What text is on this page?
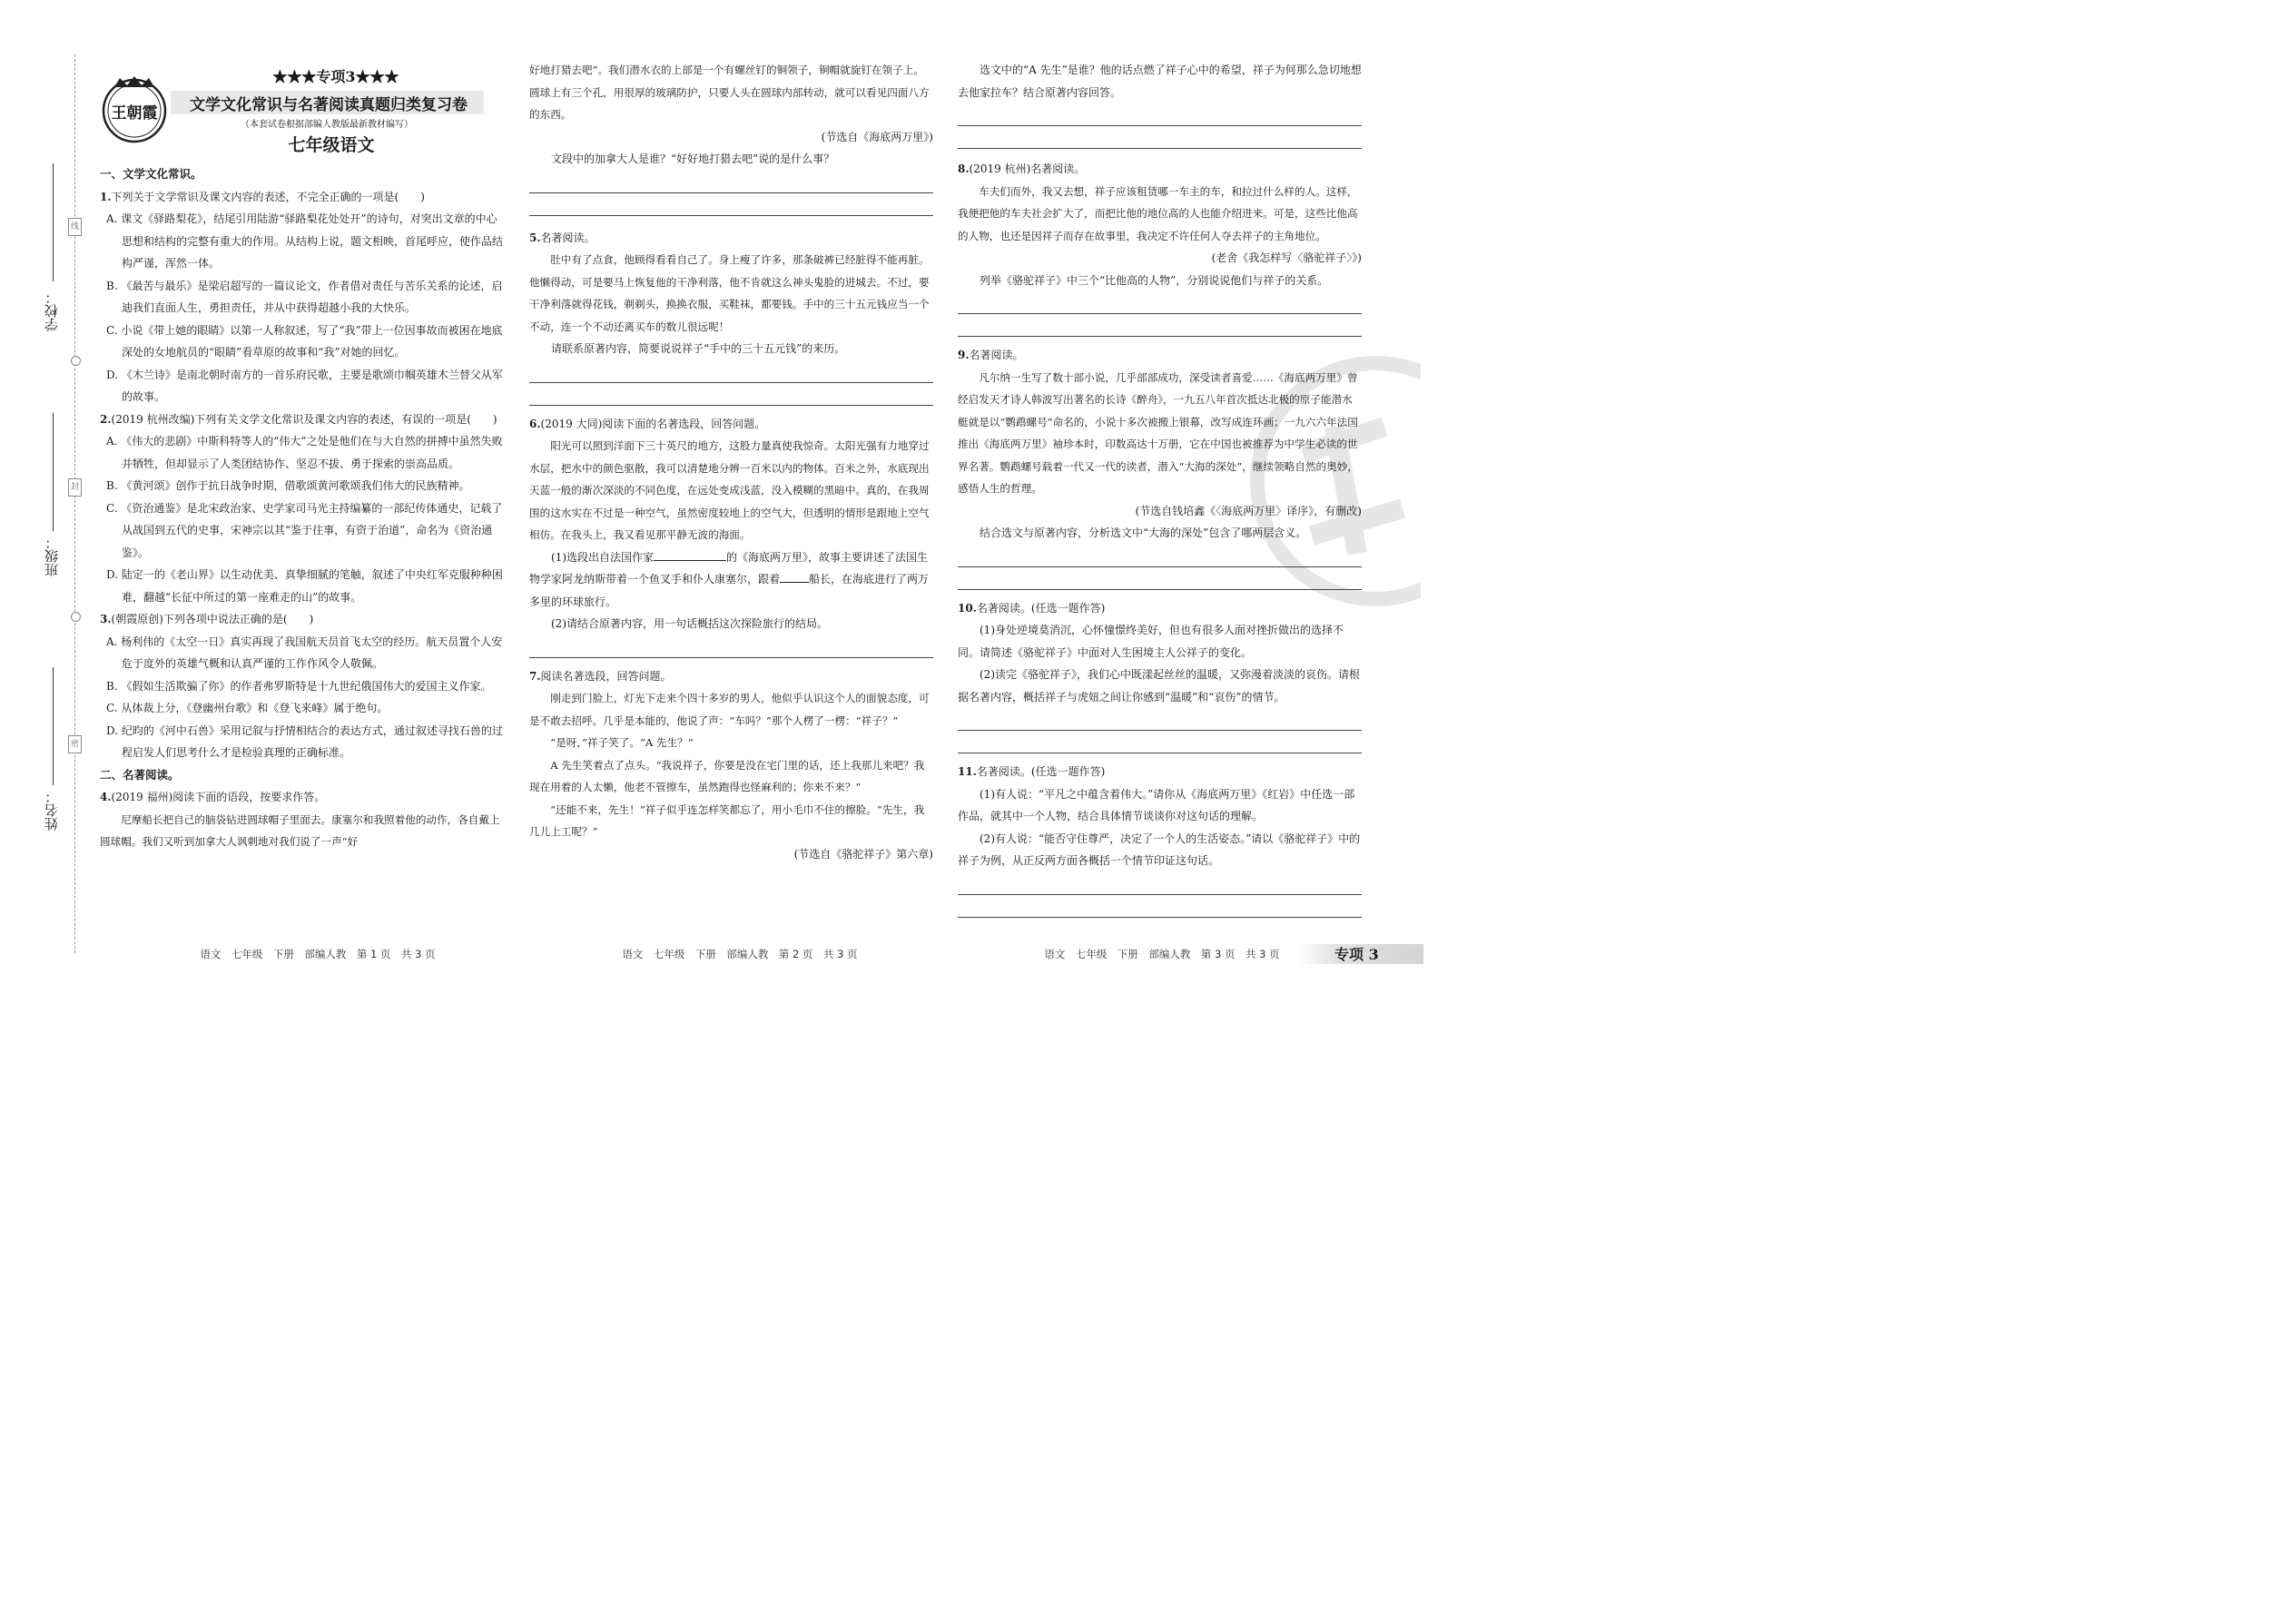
线
封
密
学校：
班级：
姓名：
王朝霞
★★★专项3★★★
文学文化常识与名著阅读真题归类复习卷
（本套试卷根据部编人教版最新教材编写）
七年级语文

一、文学文化常识。

1.下列关于文学常识及课文内容的表述，不完全正确的一项是(　　)

A. 课文《驿路梨花》，结尾引用陆游“驿路梨花处处开”的诗句，对突出文章的中心思想和结构的完整有重大的作用。从结构上说，题文相映，首尾呼应，使作品结构严谨，浑然一体。

B. 《最苦与最乐》是梁启超写的一篇议论文，作者借对责任与苦乐关系的论述，启迪我们直面人生，勇担责任，并从中获得超越小我的大快乐。

C. 小说《带上她的眼睛》以第一人称叙述，写了“我”带上一位因事故而被困在地底深处的女地航员的“眼睛”看草原的故事和“我”对她的回忆。

D. 《木兰诗》是南北朝时南方的一首乐府民歌，主要是歌颂巾帼英雄木兰替父从军的故事。

2.(2019 杭州改编)下列有关文学文化常识及课文内容的表述，有误的一项是(　　)

A. 《伟大的悲剧》中斯科特等人的“伟大”之处是他们在与大自然的拼搏中虽然失败并牺牲，但却显示了人类团结协作、坚忍不拔、勇于探索的崇高品质。

B. 《黄河颂》创作于抗日战争时期，借歌颂黄河歌颂我们伟大的民族精神。

C. 《资治通鉴》是北宋政治家、史学家司马光主持编纂的一部纪传体通史，记载了从战国到五代的史事，宋神宗以其“鉴于往事，有资于治道”，命名为《资治通鉴》。

D. 陆定一的《老山界》以生动优美、真挚细腻的笔触，叙述了中央红军克服种种困难，翻越“长征中所过的第一座难走的山”的故事。

3.(朝霞原创)下列各项中说法正确的是(　　)

A. 杨利伟的《太空一日》真实再现了我国航天员首飞太空的经历。航天员置个人安危于度外的英雄气概和认真严谨的工作作风令人敬佩。

B. 《假如生活欺骗了你》的作者弗罗斯特是十九世纪俄国伟大的爱国主义作家。

C. 从体裁上分，《登幽州台歌》和《登飞来峰》属于绝句。

D. 纪昀的《河中石兽》采用记叙与抒情相结合的表达方式，通过叙述寻找石兽的过程启发人们思考什么才是检验真理的正确标准。

二、名著阅读。

4.(2019 福州)阅读下面的语段，按要求作答。

尼摩船长把自己的脑袋钻进圆球帽子里面去。康塞尔和我照着他的动作，各自戴上圆球帽。我们又听到加拿大人讽刺地对我们说了一声“好

好地打猎去吧”。我们潜水衣的上部是一个有螺丝钉的铜领子，铜帽就旋钉在领子上。圆球上有三个孔，用很厚的玻璃防护，只要人头在圆球内部转动，就可以看见四面八方的东西。

(节选自《海底两万里》)

文段中的加拿大人是谁？“好好地打猎去吧”说的是什么事？

5.名著阅读。

肚中有了点食，他顾得看看自己了。身上瘦了许多，那条破裤已经脏得不能再脏。他懒得动，可是要马上恢复他的干净利落，他不肯就这么神头鬼脸的进城去。不过，要干净利落就得花钱，剃剃头，换换衣服，买鞋袜，都要钱。手中的三十五元钱应当一个不动，连一个不动还离买车的数儿很远呢！

请联系原著内容，简要说说祥子“手中的三十五元钱”的来历。

6.(2019 大同)阅读下面的名著选段，回答问题。

阳光可以照到洋面下三十英尺的地方，这股力量真使我惊奇。太阳光强有力地穿过水层，把水中的颜色驱散，我可以清楚地分辨一百米以内的物体。百米之外，水底现出天蓝一般的渐次深淡的不同色度，在远处变成浅蓝，没入模糊的黑暗中。真的，在我周围的这水实在不过是一种空气，虽然密度较地上的空气大，但透明的情形是跟地上空气相仿。在我头上，我又看见那平静无波的海面。

(1)选段出自法国作家	的《海底两万里》，故事主要讲述了法国生物学家阿龙纳斯带着一个鱼叉手和仆人康塞尔，跟着	船长，在海底进行了两万多里的环球旅行。

(2)请结合原著内容，用一句话概括这次探险旅行的结局。

7.阅读名著选段，回答问题。

刚走到门脸上，灯光下走来个四十多岁的男人，他似乎认识这个人的面貌态度，可是不敢去招呼。几乎是本能的，他说了声：“车吗？”那个人楞了一楞：“祥子？”

“是呀，”祥子笑了。“A 先生？”

A 先生笑着点了点头。“我说祥子，你要是没在宅门里的话，还上我那儿来吧？我现在用着的人太懒，他老不管擦车，虽然跑得也怪麻利的；你来不来？”

“还能不来，先生！”祥子似乎连怎样笑都忘了，用小毛巾不住的擦脸。“先生，我几儿上工呢？”

(节选自《骆驼祥子》第六章)

选文中的“A 先生”是谁？他的话点燃了祥子心中的希望，祥子为何那么急切地想去他家拉车？结合原著内容回答。

8.(2019 杭州)名著阅读。

车夫们而外，我又去想，祥子应该租赁哪一车主的车，和拉过什么样的人。这样，我便把他的车夫社会扩大了，而把比他的地位高的人也能介绍进来。可是，这些比他高的人物，也还是因祥子而存在故事里，我决定不许任何人夺去祥子的主角地位。

(老舍《我怎样写〈骆驼祥子〉》)

列举《骆驼祥子》中三个“比他高的人物”，分别说说他们与祥子的关系。

9.名著阅读。

凡尔纳一生写了数十部小说，几乎部部成功，深受读者喜爱……《海底两万里》曾经启发天才诗人韩波写出著名的长诗《醉舟》，一九五八年首次抵达北极的原子能潜水艇就是以“鹦鹉螺号”命名的，小说十多次被搬上银幕，改写成连环画；一九六六年法国推出《海底两万里》袖珍本时，印数高达十万册，它在中国也被推荐为中学生必读的世界名著。鹦鹉螺号载着一代又一代的读者，潜入“大海的深处”，继续领略自然的奥妙，感悟人生的哲理。

(节选自钱培鑫《〈海底两万里〉译序》，有删改)

结合选文与原著内容，分析选文中“大海的深处”包含了哪两层含义。

10.名著阅读。(任选一题作答)

(1)身处逆境莫消沉，心怀憧憬终美好，但也有很多人面对挫折做出的选择不同。请简述《骆驼祥子》中面对人生困境主人公祥子的变化。

(2)读完《骆驼祥子》，我们心中既漾起丝丝的温暖，又弥漫着淡淡的哀伤。请根据名著内容，概括祥子与虎妞之间让你感到“温暖”和“哀伤”的情节。

11.名著阅读。(任选一题作答)

(1)有人说：“平凡之中蕴含着伟大。”请你从《海底两万里》《红岩》中任选一部作品，就其中一个人物，结合具体情节谈谈你对这句话的理解。

(2)有人说：“能否守住尊严，决定了一个人的生活姿态。”请以《骆驼祥子》中的祥子为例，从正反两方面各概括一个情节印证这句话。

语文　七年级　下册　部编人教　第 1 页　共 3 页	语文　七年级　下册　部编人教　第 2 页　共 3 页	语文　七年级　下册　部编人教　第 3 页　共 3 页	专项 3
